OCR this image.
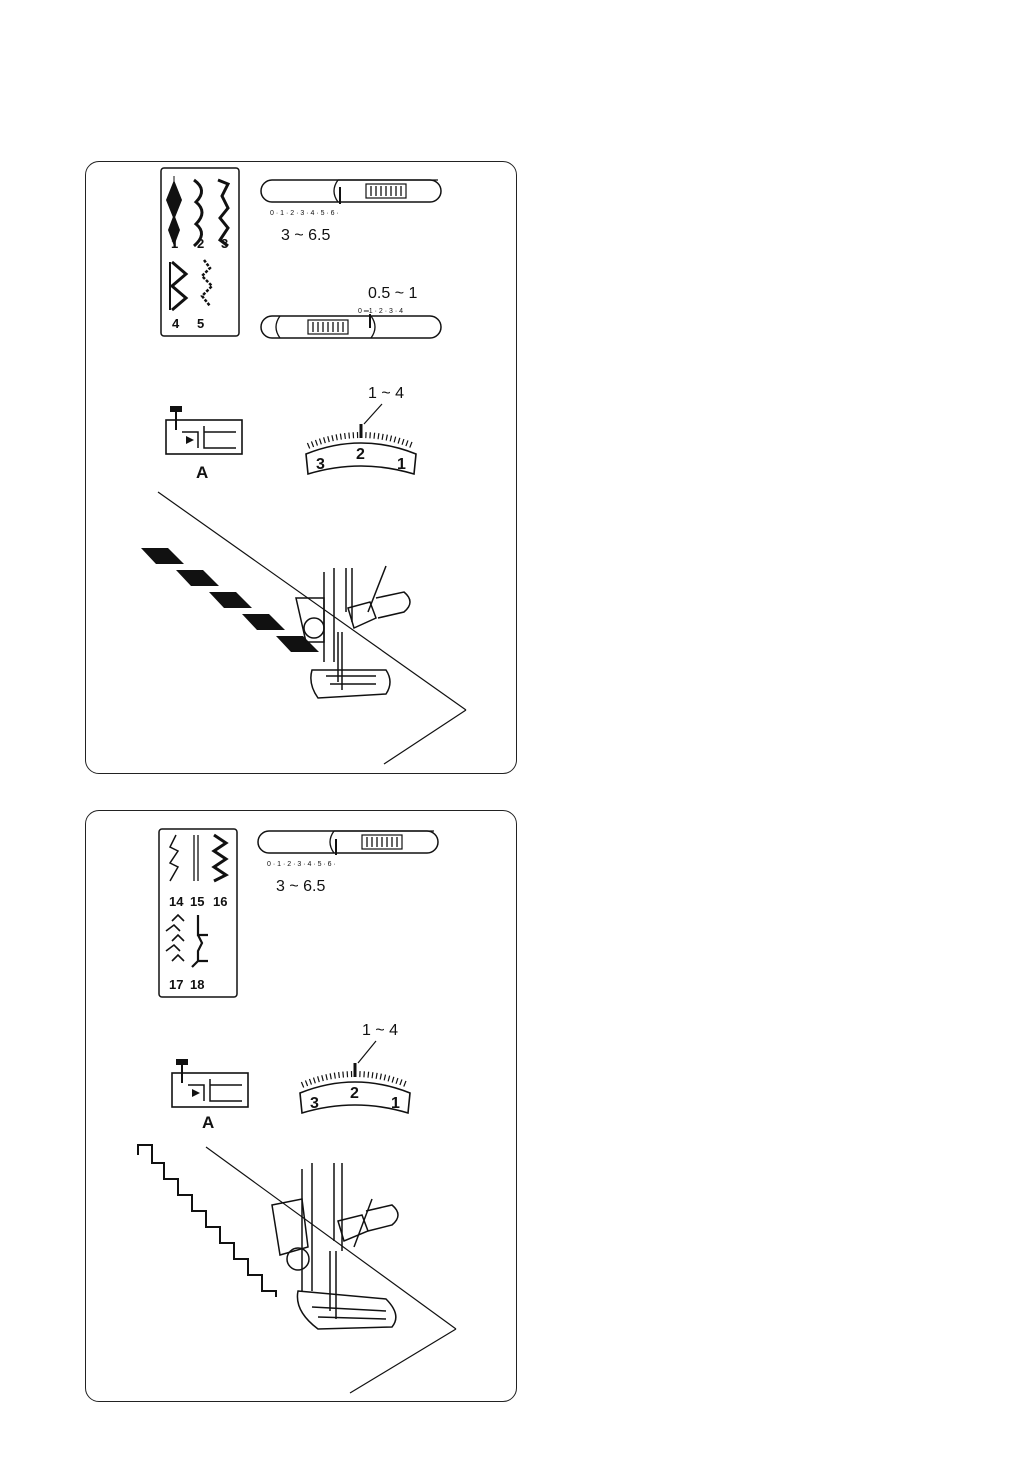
1 2 3
4 5
0 · 1 · 2 · 3 · 4 · 5 · 6 ·
3 ~ 6.5
0.5 ~ 1
0 ═1 · 2 · 3 · 4
A
1 ~ 4
3
2
1
14 15 16
17 18
0 · 1 · 2 · 3 · 4 · 5 · 6 ·
3 ~ 6.5
A
1 ~ 4
3
2
1
